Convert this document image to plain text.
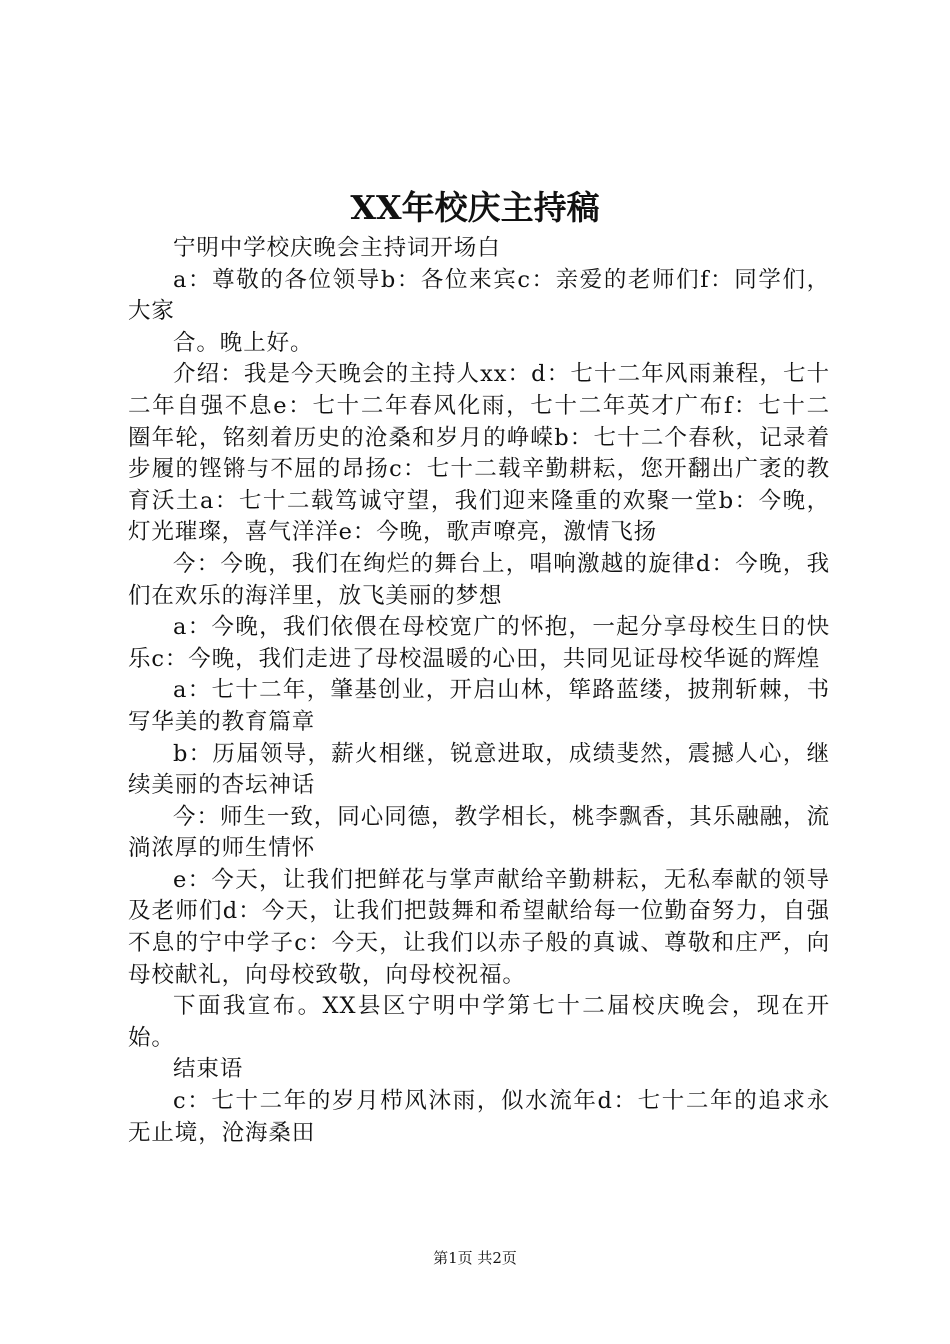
XX年校庆主持稿

宁明中学校庆晚会主持词开场白

a：尊敬的各位领导b：各位来宾c：亲爱的老师们f：同学们，大家

合。晚上好。

介绍：我是今天晚会的主持人xx：d：七十二年风雨兼程，七十二年自强不息e：七十二年春风化雨，七十二年英才广布f：七十二圈年轮，铭刻着历史的沧桑和岁月的峥嵘b：七十二个春秋，记录着步履的铿锵与不屈的昂扬c：七十二载辛勤耕耘，您开翻出广袤的教育沃土a：七十二载笃诚守望，我们迎来隆重的欢聚一堂b：今晚，灯光璀璨，喜气洋洋e：今晚，歌声嘹亮，激情飞扬

今：今晚，我们在绚烂的舞台上，唱响激越的旋律d：今晚，我们在欢乐的海洋里，放飞美丽的梦想

a：今晚，我们依偎在母校宽广的怀抱，一起分享母校生日的快乐c：今晚，我们走进了母校温暖的心田，共同见证母校华诞的辉煌

a：七十二年，肇基创业，开启山林，筚路蓝缕，披荆斩棘，书写华美的教育篇章

b：历届领导，薪火相继，锐意进取，成绩斐然，震撼人心，继续美丽的杏坛神话

今：师生一致，同心同德，教学相长，桃李飘香，其乐融融，流淌浓厚的师生情怀

e：今天，让我们把鲜花与掌声献给辛勤耕耘，无私奉献的领导及老师们d：今天，让我们把鼓舞和希望献给每一位勤奋努力，自强不息的宁中学子c：今天，让我们以赤子般的真诚、尊敬和庄严，向母校献礼，向母校致敬，向母校祝福。

下面我宣布。XX县区宁明中学第七十二届校庆晚会，现在开始。

结束语

c：七十二年的岁月栉风沐雨，似水流年d：七十二年的追求永无止境，沧海桑田

第1页 共2页
